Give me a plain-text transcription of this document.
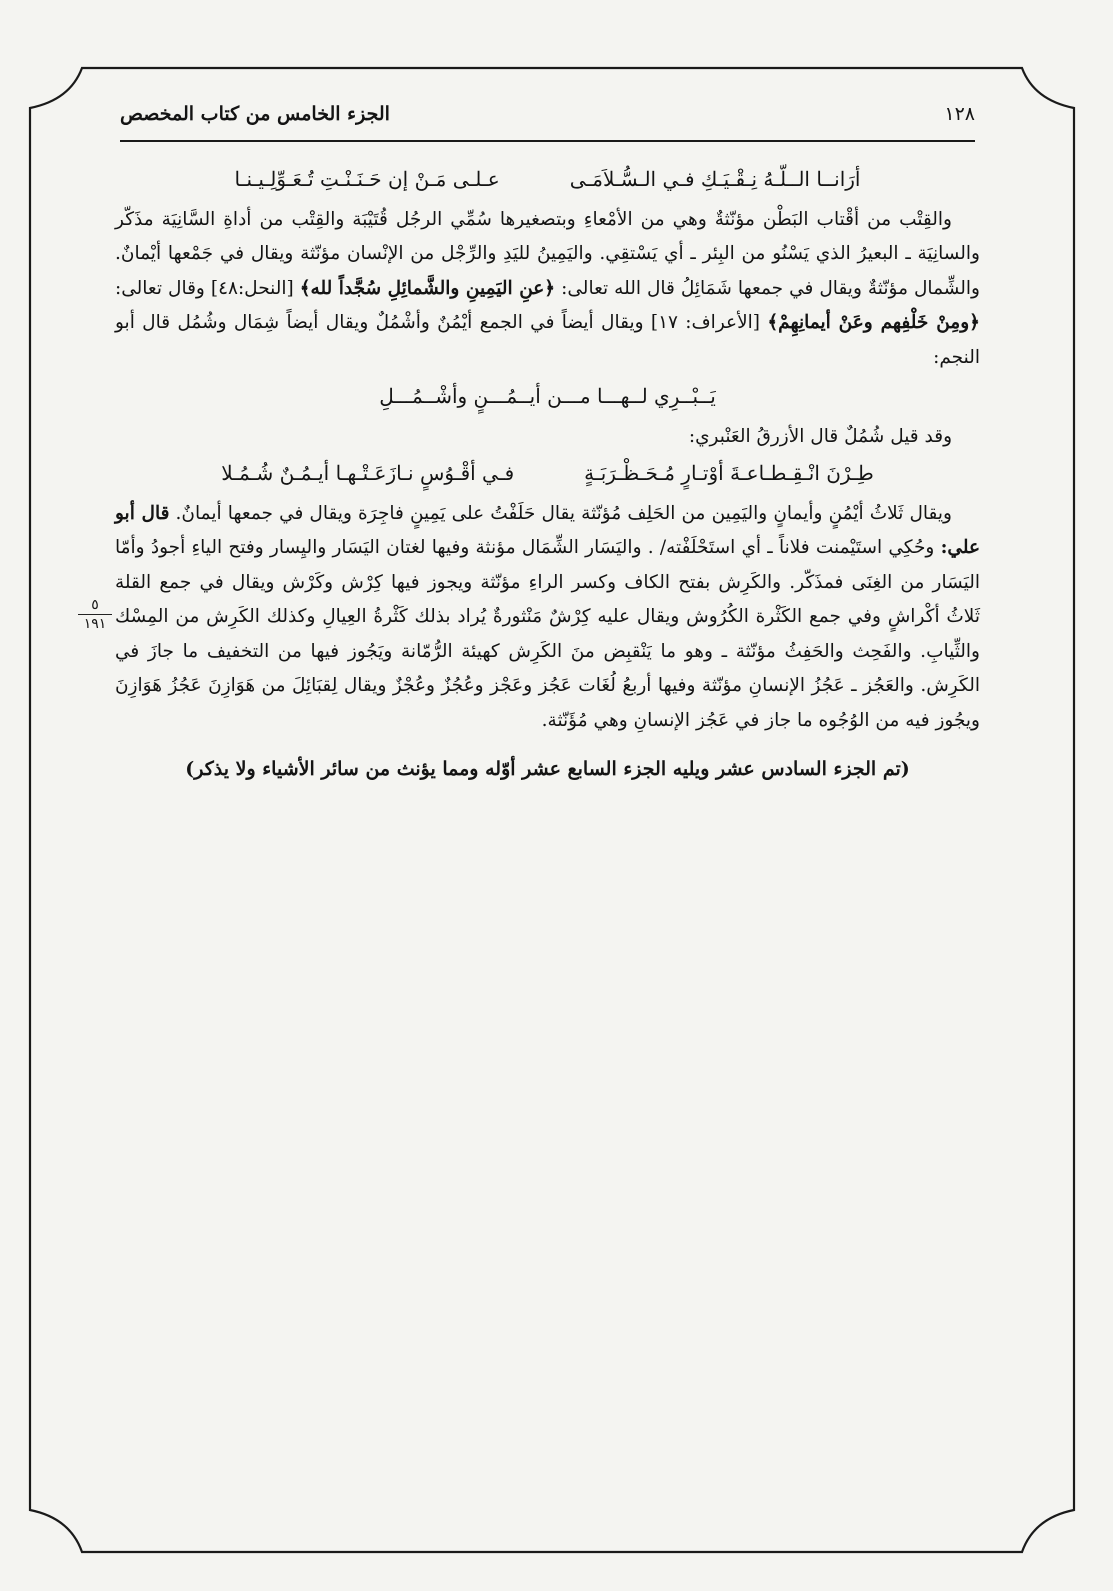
الجزء الخامس من كتاب المخصص	١٢٨
٥
١٩١
أرَانــا الــلّـهُ نِـقْـيَـكِ فـي الـسُّـلاَمَـى
عـلـى مَـنْ إن حَـنَـنْـتِ تُـعَـوِّلِـيـنـا

والقِتْب من أقْتاب البَطْن مؤنّثةٌ وهي من الأمْعاءِ وبتصغيرها سُمِّي الرجُل قُتَيْبَة والقِتْب من أداةِ السَّانِيَة مذَكّر والسانِيَة ـ البعيرُ الذي يَسْنُو من البِئر ـ أي يَسْتقِي. واليَمِينُ لليَدِ والرِّجْل من الإنْسان مؤنّثة ويقال في جَمْعها أيْمانٌ. والشِّمال مؤنّثةٌ ويقال في جمعها شَمَائِلُ قال الله تعالى: ﴿عنِ اليَمِينِ والشَّمائِلِ سُجَّداً لله﴾ [النحل:٤٨] وقال تعالى: ﴿ومِنْ خَلْفِهم وعَنْ أيمانِهِمْ﴾ [الأعراف: ١٧] ويقال أيضاً في الجمع أيْمُنٌ وأشْمُلٌ ويقال أيضاً شِمَال وشُمُل قال أبو النجم:

يَــبْــرِي لــهـــا مـــن أيــمُـــنٍ وأشْــمُـــلِ

وقد قيل شُمُلٌ قال الأزرقُ العَنْبري:

طِـرْنَ انْـقِـطـاعـةَ أوْتـارٍ مُـحَـظْـرَبَـةٍ
فـي أقْـوُسٍ نـازَعَـتْـهـا أيـمُـنٌ شُـمُـلا

ويقال ثَلاثُ أيْمُنٍ وأيمانٍ واليَمِين من الحَلِف مُؤنّثة يقال حَلَفْتُ على يَمِينٍ فاجِرَة ويقال في جمعها أيمانٌ. قال أبو علي: وحُكِي استَيْمنت فلاناً ـ أي استَحْلَفْته/ . واليَسَار الشِّمَال مؤنثة وفيها لغتان اليَسَار واليِسار وفتح الياءِ أجودُ وأمّا اليَسَار من الغِنَى فمذَكّر. والكَرِش بفتح الكاف وكسر الراءِ مؤنّثة ويجوز فيها كِرْش وكَرْش ويقال في جمع القلة ثَلاثُ أكْراشٍ وفي جمع الكَثْرة الكُرُوش ويقال عليه كِرْشٌ مَنْثورةٌ يُراد بذلك كَثْرةُ العِيالِ وكذلك الكَرِش من المِسْك والثِّيابِ. والفَحِث والحَفِثُ مؤنّثة ـ وهو ما يَنْقبِض منَ الكَرِش كهيئة الرُّمّانة ويَجُوز فيها من التخفيف ما جازَ في الكَرِش. والعَجُز ـ عَجُزُ الإنسانِ مؤنّثة وفيها أربعُ لُغَات عَجُز وعَجْز وعُجُزٌ وعُجْزٌ ويقال لِقبَائِلَ من هَوَازِنَ عَجُزُ هَوَازِنَ ويجُوز فيه من الوُجُوه ما جاز في عَجُز الإنسانِ وهي مُؤَنّثة.

(تم الجزء السادس عشر ويليه الجزء السابع عشر أوّله ومما يؤنث من سائر الأشياء ولا يذكر)
